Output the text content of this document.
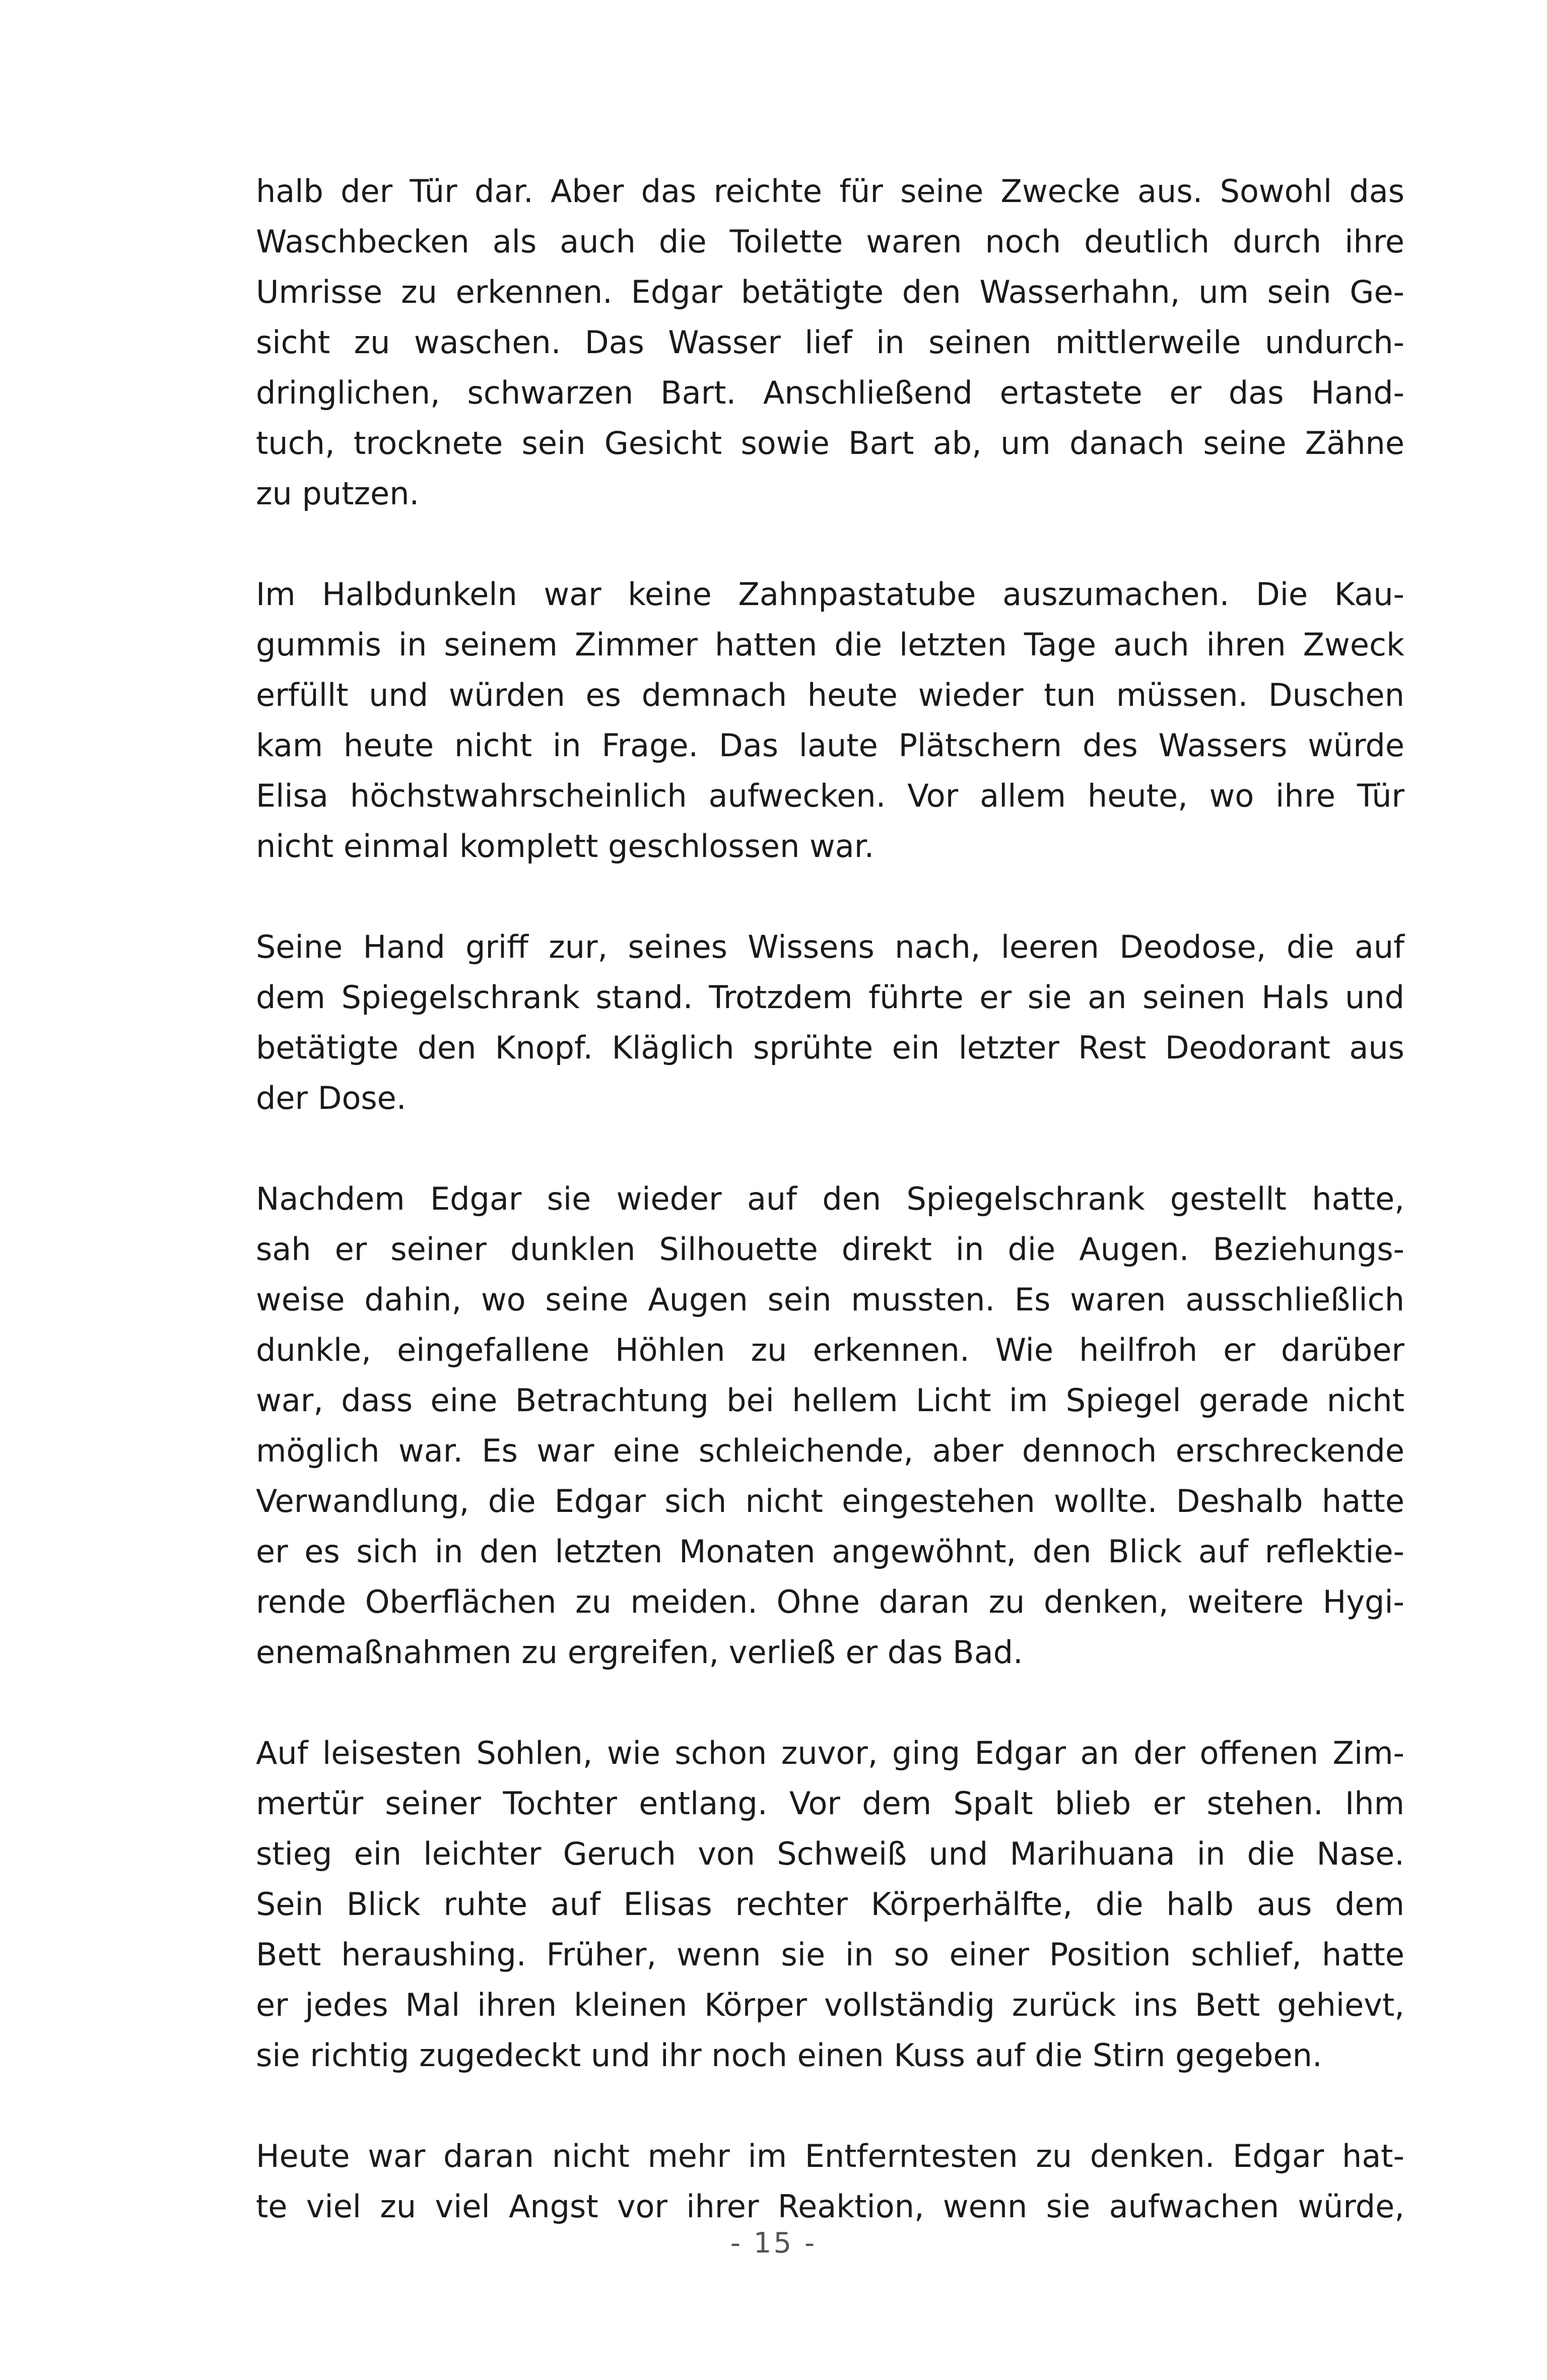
halb der Tür dar. Aber das reichte für seine Zwecke aus. Sowohl das
Waschbecken als auch die Toilette waren noch deutlich durch ihre
Umrisse zu erkennen. Edgar betätigte den Wasserhahn, um sein Ge-
sicht zu waschen. Das Wasser lief in seinen mittlerweile undurch-
dringlichen, schwarzen Bart. Anschließend ertastete er das Hand-
tuch, trocknete sein Gesicht sowie Bart ab, um danach seine Zähne
zu putzen.

Im Halbdunkeln war keine Zahnpastatube auszumachen. Die Kau-
gummis in seinem Zimmer hatten die letzten Tage auch ihren Zweck
erfüllt und würden es demnach heute wieder tun müssen. Duschen
kam heute nicht in Frage. Das laute Plätschern des Wassers würde
Elisa höchstwahrscheinlich aufwecken. Vor allem heute, wo ihre Tür
nicht einmal komplett geschlossen war.

Seine Hand griff zur, seines Wissens nach, leeren Deodose, die auf
dem Spiegelschrank stand. Trotzdem führte er sie an seinen Hals und
betätigte den Knopf. Kläglich sprühte ein letzter Rest Deodorant aus
der Dose.

Nachdem Edgar sie wieder auf den Spiegelschrank gestellt hatte,
sah er seiner dunklen Silhouette direkt in die Augen. Beziehungs-
weise dahin, wo seine Augen sein mussten. Es waren ausschließlich
dunkle, eingefallene Höhlen zu erkennen. Wie heilfroh er darüber
war, dass eine Betrachtung bei hellem Licht im Spiegel gerade nicht
möglich war. Es war eine schleichende, aber dennoch erschreckende
Verwandlung, die Edgar sich nicht eingestehen wollte. Deshalb hatte
er es sich in den letzten Monaten angewöhnt, den Blick auf reflektie-
rende Oberflächen zu meiden. Ohne daran zu denken, weitere Hygi-
enemaßnahmen zu ergreifen, verließ er das Bad.

Auf leisesten Sohlen, wie schon zuvor, ging Edgar an der offenen Zim-
mertür seiner Tochter entlang. Vor dem Spalt blieb er stehen. Ihm
stieg ein leichter Geruch von Schweiß und Marihuana in die Nase.
Sein Blick ruhte auf Elisas rechter Körperhälfte, die halb aus dem
Bett heraushing. Früher, wenn sie in so einer Position schlief, hatte
er jedes Mal ihren kleinen Körper vollständig zurück ins Bett gehievt,
sie richtig zugedeckt und ihr noch einen Kuss auf die Stirn gegeben.

Heute war daran nicht mehr im Entferntesten zu denken. Edgar hat-
te viel zu viel Angst vor ihrer Reaktion, wenn sie aufwachen würde,

- 15 -
